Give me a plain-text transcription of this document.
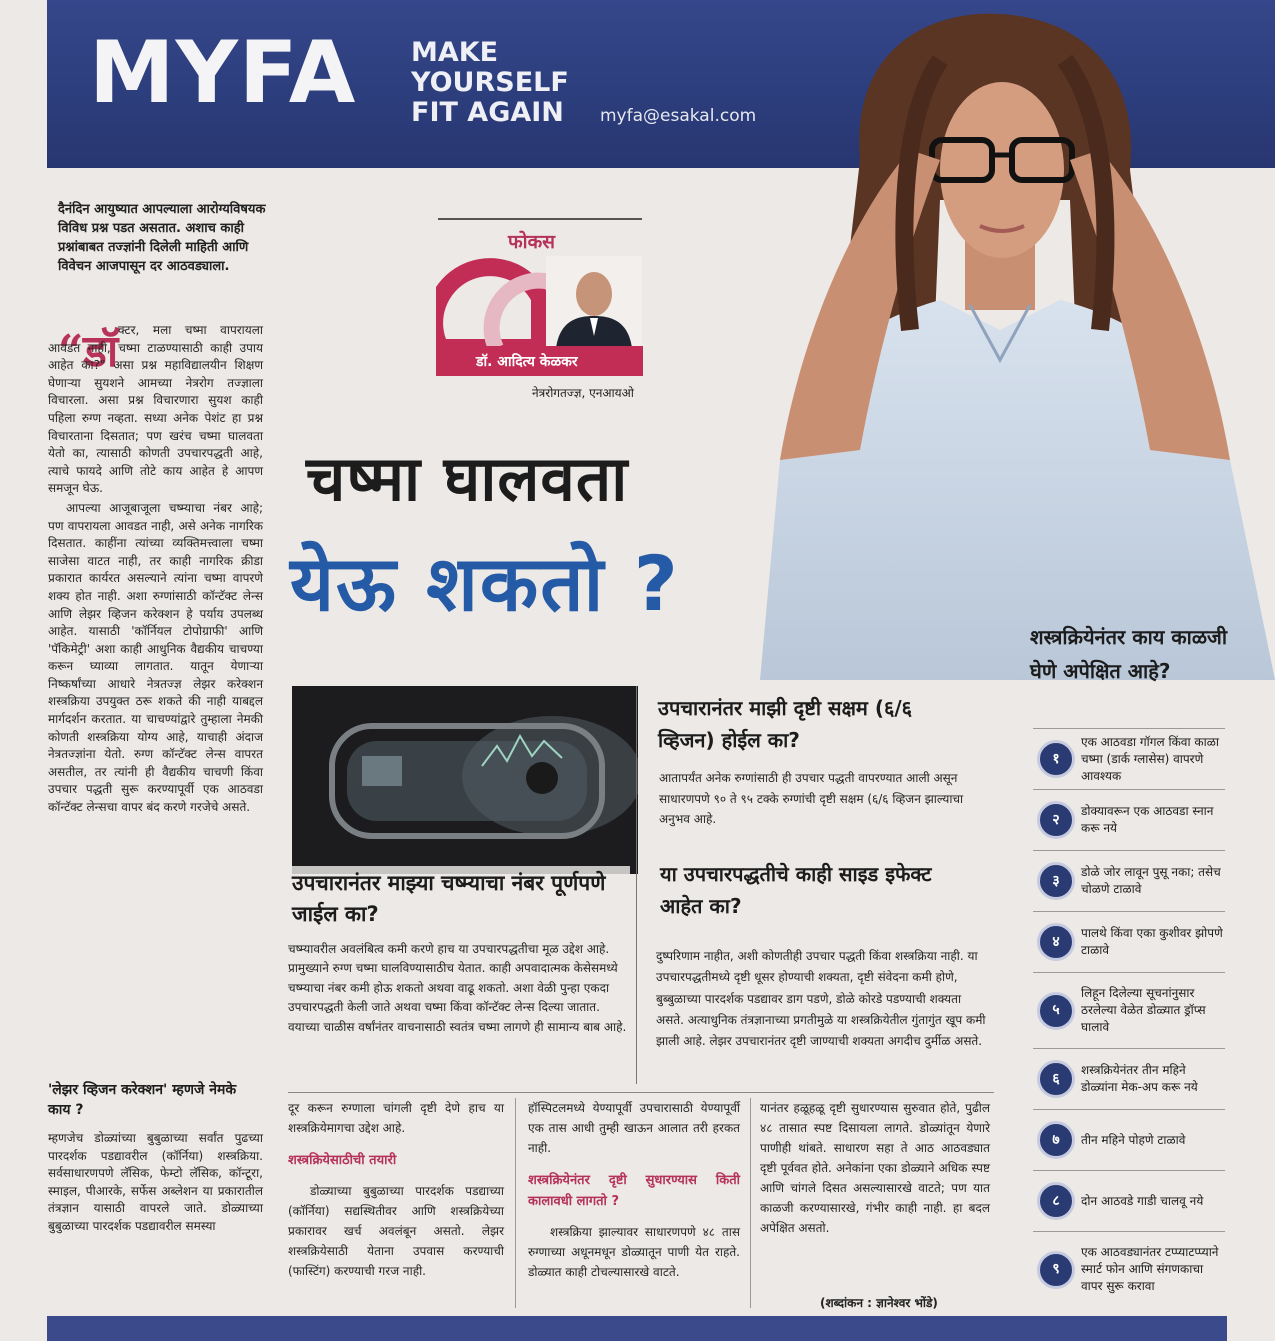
MYFA MAKE
YOURSELF
FIT AGAIN myfa@esakal.com
दैनंदिन आयुष्यात आपल्याला आरोग्यविषयक विविध प्रश्न पडत असतात. अशाच काही प्रश्नांबाबत तज्ज्ञांनी दिलेली माहिती आणि विवेचन आजपासून दर आठवड्याला.
फोकस
डॉ. आदित्य केळकर
नेत्ररोगतज्ज्ञ, एनआयओ
चष्मा घालवता
येऊ शकतो ?
“डॉ क्टर, मला चष्मा वापरायला आवडत नाही, चष्मा टाळण्यासाठी काही उपाय आहेत का?" असा प्रश्न महाविद्यालयीन शिक्षण घेणाऱ्या सुयशने आमच्या नेत्ररोग तज्ज्ञाला विचारला. असा प्रश्न विचारणारा सुयश काही पहिला रुग्ण नव्हता. सध्या अनेक पेशंट हा प्रश्न विचारताना दिसतात; पण खरंच चष्मा घालवता येतो का, त्यासाठी कोणती उपचारपद्धती आहे, त्याचे फायदे आणि तोटे काय आहेत हे आपण समजून घेऊ.

आपल्या आजूबाजूला चष्म्याचा नंबर आहे; पण वापरायला आवडत नाही, असे अनेक नागरिक दिसतात. काहींना त्यांच्या व्यक्तिमत्त्वाला चष्मा साजेसा वाटत नाही, तर काही नागरिक क्रीडा प्रकारात कार्यरत असल्याने त्यांना चष्मा वापरणे शक्य होत नाही. अशा रुग्णांसाठी कॉन्टॅक्ट लेन्स आणि लेझर व्हिजन करेक्शन हे पर्याय उपलब्ध आहेत. यासाठी 'कॉर्नियल टोपोग्राफी' आणि 'पॅकिमेट्री' अशा काही आधुनिक वैद्यकीय चाचण्या करून घ्याव्या लागतात. यातून येणाऱ्या निष्कर्षांच्या आधारे नेत्रतज्ज्ञ लेझर करेक्शन शस्त्रक्रिया उपयुक्त ठरू शकते की नाही याबद्दल मार्गदर्शन करतात. या चाचण्यांद्वारे तुम्हाला नेमकी कोणती शस्त्रक्रिया योग्य आहे, याचाही अंदाज नेत्रतज्ज्ञांना येतो. रुग्ण कॉन्टॅक्ट लेन्स वापरत असतील, तर त्यांनी ही वैद्यकीय चाचणी किंवा उपचार पद्धती सुरू करण्यापूर्वी एक आठवडा कॉन्टॅक्ट लेन्सचा वापर बंद करणे गरजेचे असते.

'लेझर व्हिजन करेक्शन' म्हणजे नेमके काय ?
म्हणजेच डोळ्यांच्या बुबुळाच्या सर्वांत पुढच्या पारदर्शक पडद्यावरील (कॉर्निया) शस्त्रक्रिया. सर्वसाधारणपणे लॅसिक, फेम्टो लॅसिक, कॉन्टूरा, स्माइल, पीआरके, सर्फेस अब्लेशन या प्रकारातील तंत्रज्ञान यासाठी वापरले जाते. डोळ्याच्या बुबुळाच्या पारदर्शक पडद्यावरील समस्या
उपचारानंतर माझ्या चष्म्याचा नंबर पूर्णपणे जाईल का?
चष्म्यावरील अवलंबित्व कमी करणे हाच या उपचारपद्धतीचा मूळ उद्देश आहे. प्रामुख्याने रुग्ण चष्मा घालविण्यासाठीच येतात. काही अपवादात्मक केसेसमध्ये चष्म्याचा नंबर कमी होऊ शकतो अथवा वाढू शकतो. अशा वेळी पुन्हा एकदा उपचारपद्धती केली जाते अथवा चष्मा किंवा कॉन्टॅक्ट लेन्स दिल्या जातात. वयाच्या चाळीस वर्षांनंतर वाचनासाठी स्वतंत्र चष्मा लागणे ही सामान्य बाब आहे.
उपचारानंतर माझी दृष्टी सक्षम (६/६ व्हिजन) होईल का?
आतापर्यंत अनेक रुग्णांसाठी ही उपचार पद्धती वापरण्यात आली असून साधारणपणे ९० ते ९५ टक्के रुग्णांची दृष्टी सक्षम (६/६ व्हिजन झाल्याचा अनुभव आहे.
या उपचारपद्धतीचे काही साइड इफेक्ट आहेत का?
दुष्परिणाम नाहीत, अशी कोणतीही उपचार पद्धती किंवा शस्त्रक्रिया नाही. या उपचारपद्धतीमध्ये दृष्टी धूसर होण्याची शक्यता, दृष्टी संवेदना कमी होणे, बुब्बुळाच्या पारदर्शक पडद्यावर डाग पडणे, डोळे कोरडे पडण्याची शक्यता असते. अत्याधुनिक तंत्रज्ञानाच्या प्रगतीमुळे या शस्त्रक्रियेतील गुंतागुंत खूप कमी झाली आहे. लेझर उपचारानंतर दृष्टी जाण्याची शक्यता अगदीच दुर्मीळ असते.
दूर करून रुग्णाला चांगली दृष्टी देणे हाच या शस्त्रक्रियेमागचा उद्देश आहे.
शस्त्रक्रियेसाठीची तयारी
डोळ्याच्या बुबुळाच्या पारदर्शक पडद्याच्या (कॉर्निया) सद्यस्थितीवर आणि शस्त्रक्रियेच्या प्रकारावर खर्च अवलंबून असतो. लेझर शस्त्रक्रियेसाठी येताना उपवास करण्याची (फास्टिंग) करण्याची गरज नाही.
हॉस्पिटलमध्ये येण्यापूर्वी उपचारासाठी येण्यापूर्वी एक तास आधी तुम्ही खाऊन आलात तरी हरकत नाही.
शस्त्रक्रियेनंतर दृष्टी सुधारण्यास किती कालावधी लागतो ?
शस्त्रक्रिया झाल्यावर साधारणपणे ४८ तास रुग्णाच्या अधूनमधून डोळ्यातून पाणी येत राहते. डोळ्यात काही टोचल्यासारखे वाटते.
यानंतर हळूहळू दृष्टी सुधारण्यास सुरुवात होते, पुढील ४८ तासात स्पष्ट दिसायला लागते. डोळ्यांतून येणारे पाणीही थांबते. साधारण सहा ते आठ आठवड्यात दृष्टी पूर्ववत होते. अनेकांना एका डोळ्याने अधिक स्पष्ट आणि चांगले दिसत असल्यासारखे वाटते; पण यात काळजी करण्यासारखे, गंभीर काही नाही. हा बदल अपेक्षित असतो.
(शब्दांकन : ज्ञानेश्वर भोंडे)
शस्त्रक्रियेनंतर काय काळजी घेणे अपेक्षित आहे?
१
एक आठवडा गॉगल किंवा काळा चष्मा (डार्क ग्लासेस) वापरणे आवश्यक
२
डोक्यावरून एक आठवडा स्नान करू नये
३
डोळे जोर लावून पुसू नका; तसेच चोळणे टाळावे
४
पालथे किंवा एका कुशीवर झोपणे टाळावे
५
लिहून दिलेल्या सूचनांनुसार ठरलेल्या वेळेत डोळ्यात ड्रॉप्स घालावे
६
शस्त्रक्रियेनंतर तीन महिने डोळ्यांना मेक-अप करू नये
७	तीन महिने पोहणे टाळावे
८	दोन आठवडे गाडी चालवू नये
९
एक आठवड्यानंतर टप्प्याटप्प्याने स्मार्ट फोन आणि संगणकाचा वापर सुरू करावा
